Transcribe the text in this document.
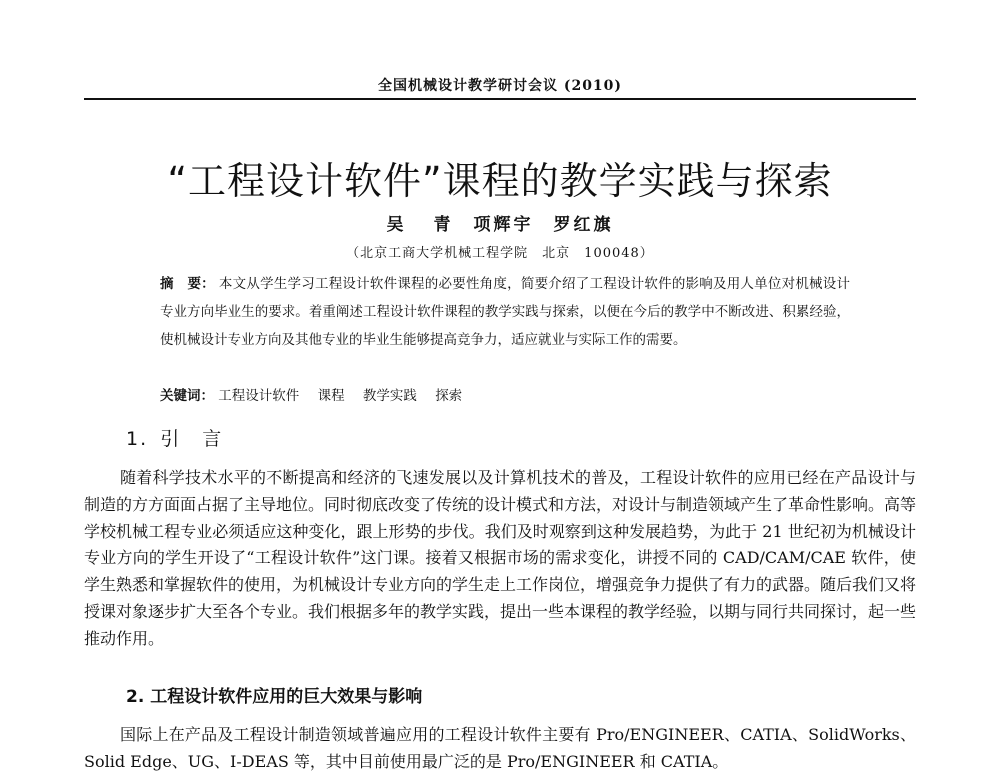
全国机械设计教学研讨会议 (2010)
“工程设计软件”课程的教学实践与探索
吴 青　项辉宇　罗红旗
（北京工商大学机械工程学院　北京　100048）
摘　要： 本文从学生学习工程设计软件课程的必要性角度，简要介绍了工程设计软件的影响及用人单位对机械设计专业方向毕业生的要求。着重阐述工程设计软件课程的教学实践与探索，以便在今后的教学中不断改进、积累经验，使机械设计专业方向及其他专业的毕业生能够提高竞争力，适应就业与实际工作的需要。
关键词： 工程设计软件 课程 教学实践 探索
1. 引　言

随着科学技术水平的不断提高和经济的飞速发展以及计算机技术的普及，工程设计软件的应用已经在产品设计与制造的方方面面占据了主导地位。同时彻底改变了传统的设计模式和方法，对设计与制造领域产生了革命性影响。高等学校机械工程专业必须适应这种变化，跟上形势的步伐。我们及时观察到这种发展趋势，为此于 21 世纪初为机械设计专业方向的学生开设了“工程设计软件”这门课。接着又根据市场的需求变化，讲授不同的 CAD/CAM/CAE 软件，使学生熟悉和掌握软件的使用，为机械设计专业方向的学生走上工作岗位，增强竞争力提供了有力的武器。随后我们又将授课对象逐步扩大至各个专业。我们根据多年的教学实践，提出一些本课程的教学经验，以期与同行共同探讨，起一些推动作用。

2. 工程设计软件应用的巨大效果与影响

国际上在产品及工程设计制造领域普遍应用的工程设计软件主要有 Pro/ENGINEER、CATIA、SolidWorks、Solid Edge、UG、I-DEAS 等，其中目前使用最广泛的是 Pro/ENGINEER 和 CATIA。
